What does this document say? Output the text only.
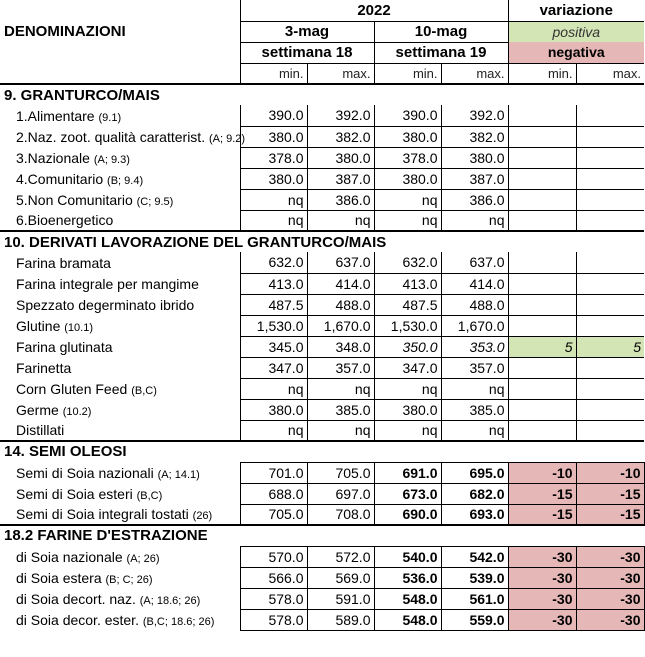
DENOMINAZIONI	2022				variazione	
	3-mag		10-mag		positiva	
	settimana 18		settimana 19		negativa	
	min.	max.	min.	max.	min.	max.
9. GRANTURCO/MAIS						
1.Alimentare (9.1)	390.0	392.0	390.0	392.0		
2.Naz. zoot. qualità caratterist. (A; 9.2)	380.0	382.0	380.0	382.0		
3.Nazionale (A; 9.3)	378.0	380.0	378.0	380.0		
4.Comunitario (B; 9.4)	380.0	387.0	380.0	387.0		
5.Non Comunitario (C; 9.5)	nq	386.0	nq	386.0		
6.Bioenergetico	nq	nq	nq	nq		
10. DERIVATI LAVORAZIONE DEL GRANTURCO/MAIS						
Farina bramata	632.0	637.0	632.0	637.0		
Farina integrale per mangime	413.0	414.0	413.0	414.0		
Spezzato degerminato ibrido	487.5	488.0	487.5	488.0		
Glutine (10.1)	1,530.0	1,670.0	1,530.0	1,670.0		
Farina glutinata	345.0	348.0	350.0	353.0	5	5
Farinetta	347.0	357.0	347.0	357.0		
Corn Gluten Feed (B,C)	nq	nq	nq	nq		
Germe (10.2)	380.0	385.0	380.0	385.0		
Distillati	nq	nq	nq	nq		
14. SEMI OLEOSI						
Semi di Soia nazionali (A; 14.1)	701.0	705.0	691.0	695.0	-10	-10
Semi di Soia esteri (B,C)	688.0	697.0	673.0	682.0	-15	-15
Semi di Soia integrali tostati (26)	705.0	708.0	690.0	693.0	-15	-15
18.2 FARINE D'ESTRAZIONE						
di Soia nazionale (A; 26)	570.0	572.0	540.0	542.0	-30	-30
di Soia estera (B; C; 26)	566.0	569.0	536.0	539.0	-30	-30
di Soia decort. naz. (A; 18.6; 26)	578.0	591.0	548.0	561.0	-30	-30
di Soia decor. ester. (B,C; 18.6; 26)	578.0	589.0	548.0	559.0	-30	-30
